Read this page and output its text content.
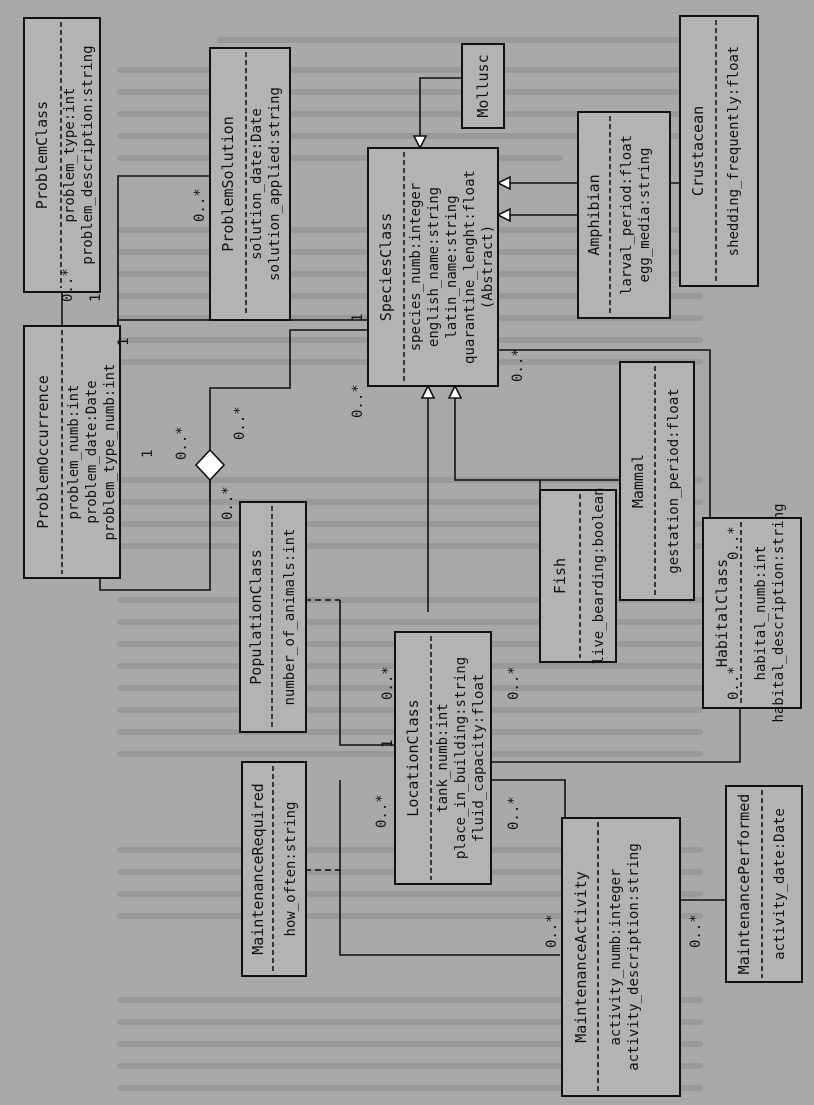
ProblemClass problem_type:int problem_description:string	ProblemSolution solution_date:Date solution_applied:string	SpeciesClass species_numb:integer english_name:string latin_name:string quarantine_lenght:float (Abstract)
Mollusc
Amphibian larval_period:float egg_media:string Crustacean shedding_frequently:float
ProblemOccurrence problem_numb:int problem_date:Date problem_type_numb:int	Mammal gestation_period:float
HabitalClass habital_numb:int habital_description:string
PopulationClass number_of_animals:int	Fish live_bearding:boolean
LocationClass tank_numb:int place_in_building:string fluid_capacity:float
MaintenanceRequired how_often:string
MaintenanceActivity activity_numb:integer activity_description:string	MaintenancePerformed activity_date:Date
0..* 1
0..*
1
1 0..*
0..*
1
0..*
0..*
0..*
1
0..*
0..*
0..*
0..*
0..*	0..*
0..*	0..*
